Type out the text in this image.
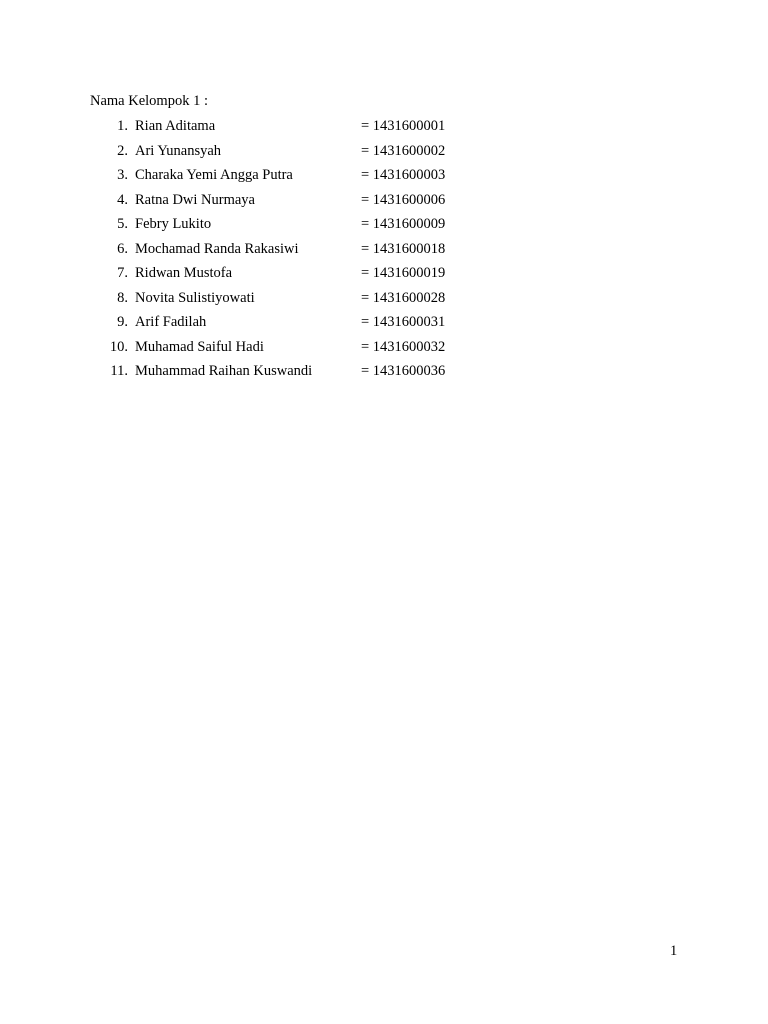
Nama Kelompok 1 :
1. Rian Aditama	= 1431600001
2. Ari Yunansyah	= 1431600002
3. Charaka Yemi Angga Putra	= 1431600003
4. Ratna Dwi Nurmaya	= 1431600006
5. Febry Lukito	= 1431600009
6. Mochamad Randa Rakasiwi	= 1431600018
7. Ridwan Mustofa	= 1431600019
8. Novita Sulistiyowati	= 1431600028
9. Arif Fadilah	= 1431600031
10. Muhamad Saiful Hadi	= 1431600032
11. Muhammad Raihan Kuswandi	= 1431600036
1
